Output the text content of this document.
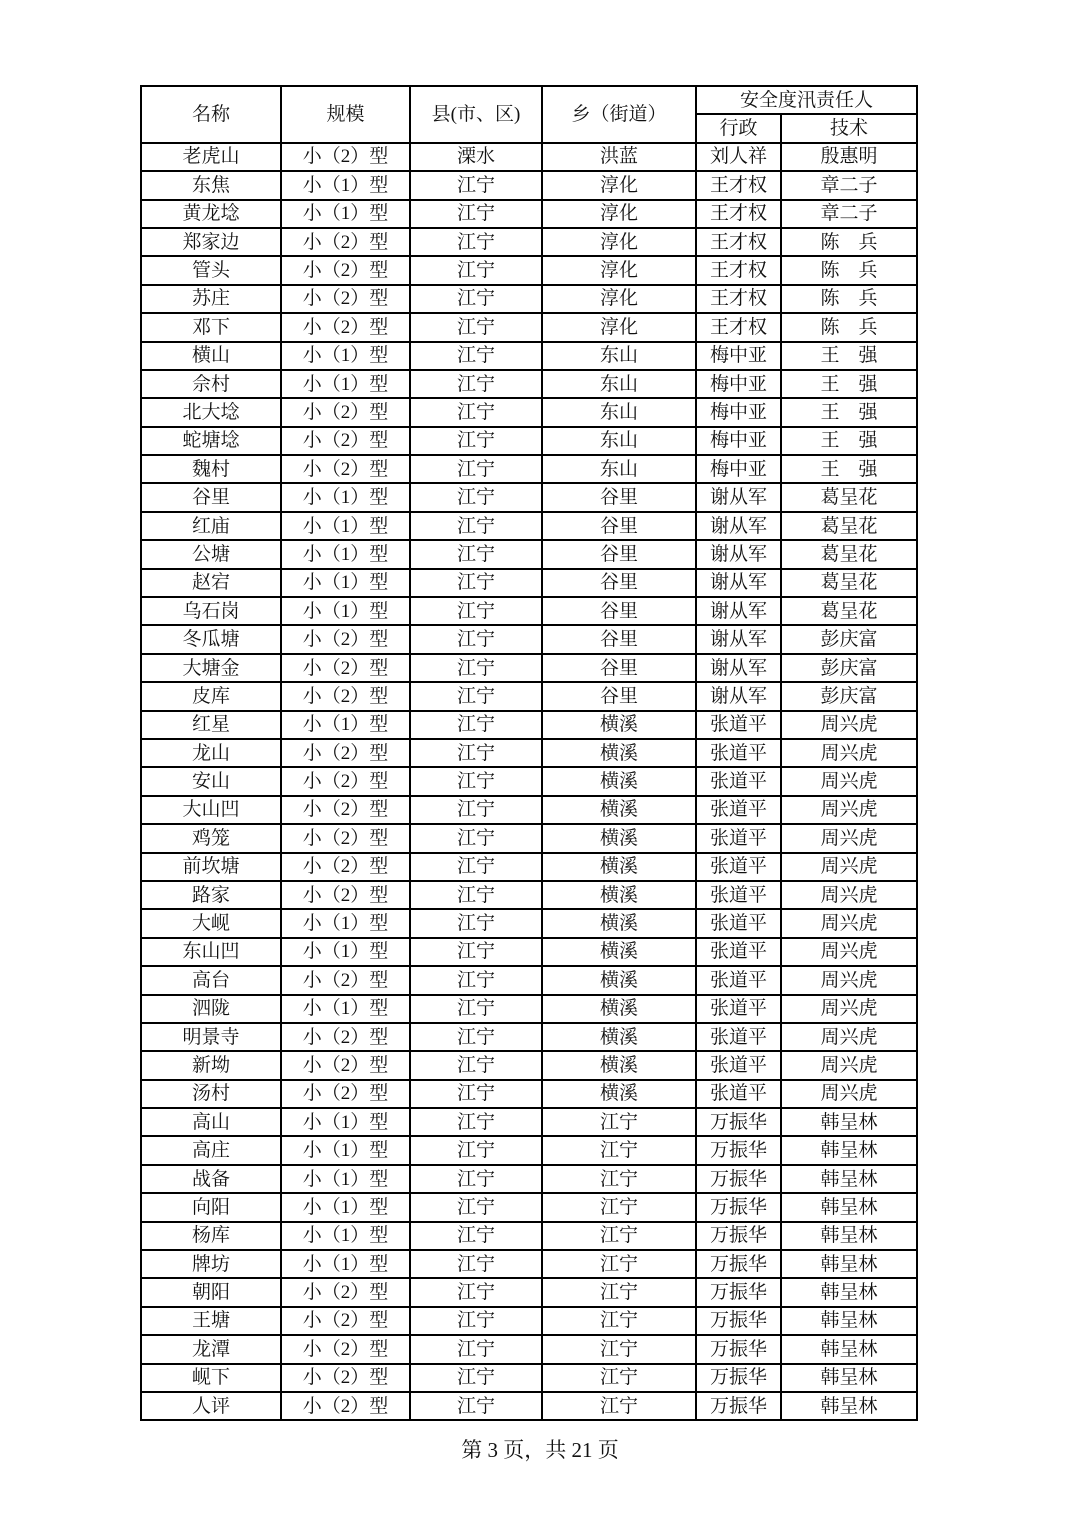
名称	规模	县(市、区)	乡（街道）	安全度汛责任人	
				行政	技术
老虎山	小（2）型	溧水	洪蓝	刘人祥	殷惠明
东焦	小（1）型	江宁	淳化	王才权	章二子
黄龙埝	小（1）型	江宁	淳化	王才权	章二子
郑家边	小（2）型	江宁	淳化	王才权	陈　兵
管头	小（2）型	江宁	淳化	王才权	陈　兵
苏庄	小（2）型	江宁	淳化	王才权	陈　兵
邓下	小（2）型	江宁	淳化	王才权	陈　兵
横山	小（1）型	江宁	东山	梅中亚	王　强
佘村	小（1）型	江宁	东山	梅中亚	王　强
北大埝	小（2）型	江宁	东山	梅中亚	王　强
蛇塘埝	小（2）型	江宁	东山	梅中亚	王　强
魏村	小（2）型	江宁	东山	梅中亚	王　强
谷里	小（1）型	江宁	谷里	谢从军	葛呈花
红庙	小（1）型	江宁	谷里	谢从军	葛呈花
公塘	小（1）型	江宁	谷里	谢从军	葛呈花
赵宕	小（1）型	江宁	谷里	谢从军	葛呈花
乌石岗	小（1）型	江宁	谷里	谢从军	葛呈花
冬瓜塘	小（2）型	江宁	谷里	谢从军	彭庆富
大塘金	小（2）型	江宁	谷里	谢从军	彭庆富
皮库	小（2）型	江宁	谷里	谢从军	彭庆富
红星	小（1）型	江宁	横溪	张道平	周兴虎
龙山	小（2）型	江宁	横溪	张道平	周兴虎
安山	小（2）型	江宁	横溪	张道平	周兴虎
大山凹	小（2）型	江宁	横溪	张道平	周兴虎
鸡笼	小（2）型	江宁	横溪	张道平	周兴虎
前坎塘	小（2）型	江宁	横溪	张道平	周兴虎
路家	小（2）型	江宁	横溪	张道平	周兴虎
大岘	小（1）型	江宁	横溪	张道平	周兴虎
东山凹	小（1）型	江宁	横溪	张道平	周兴虎
高台	小（2）型	江宁	横溪	张道平	周兴虎
泗陇	小（1）型	江宁	横溪	张道平	周兴虎
明景寺	小（2）型	江宁	横溪	张道平	周兴虎
新坳	小（2）型	江宁	横溪	张道平	周兴虎
汤村	小（2）型	江宁	横溪	张道平	周兴虎
高山	小（1）型	江宁	江宁	万振华	韩呈林
高庄	小（1）型	江宁	江宁	万振华	韩呈林
战备	小（1）型	江宁	江宁	万振华	韩呈林
向阳	小（1）型	江宁	江宁	万振华	韩呈林
杨库	小（1）型	江宁	江宁	万振华	韩呈林
牌坊	小（1）型	江宁	江宁	万振华	韩呈林
朝阳	小（2）型	江宁	江宁	万振华	韩呈林
王塘	小（2）型	江宁	江宁	万振华	韩呈林
龙潭	小（2）型	江宁	江宁	万振华	韩呈林
岘下	小（2）型	江宁	江宁	万振华	韩呈林
人评	小（2）型	江宁	江宁	万振华	韩呈林
第 3 页，共 21 页
